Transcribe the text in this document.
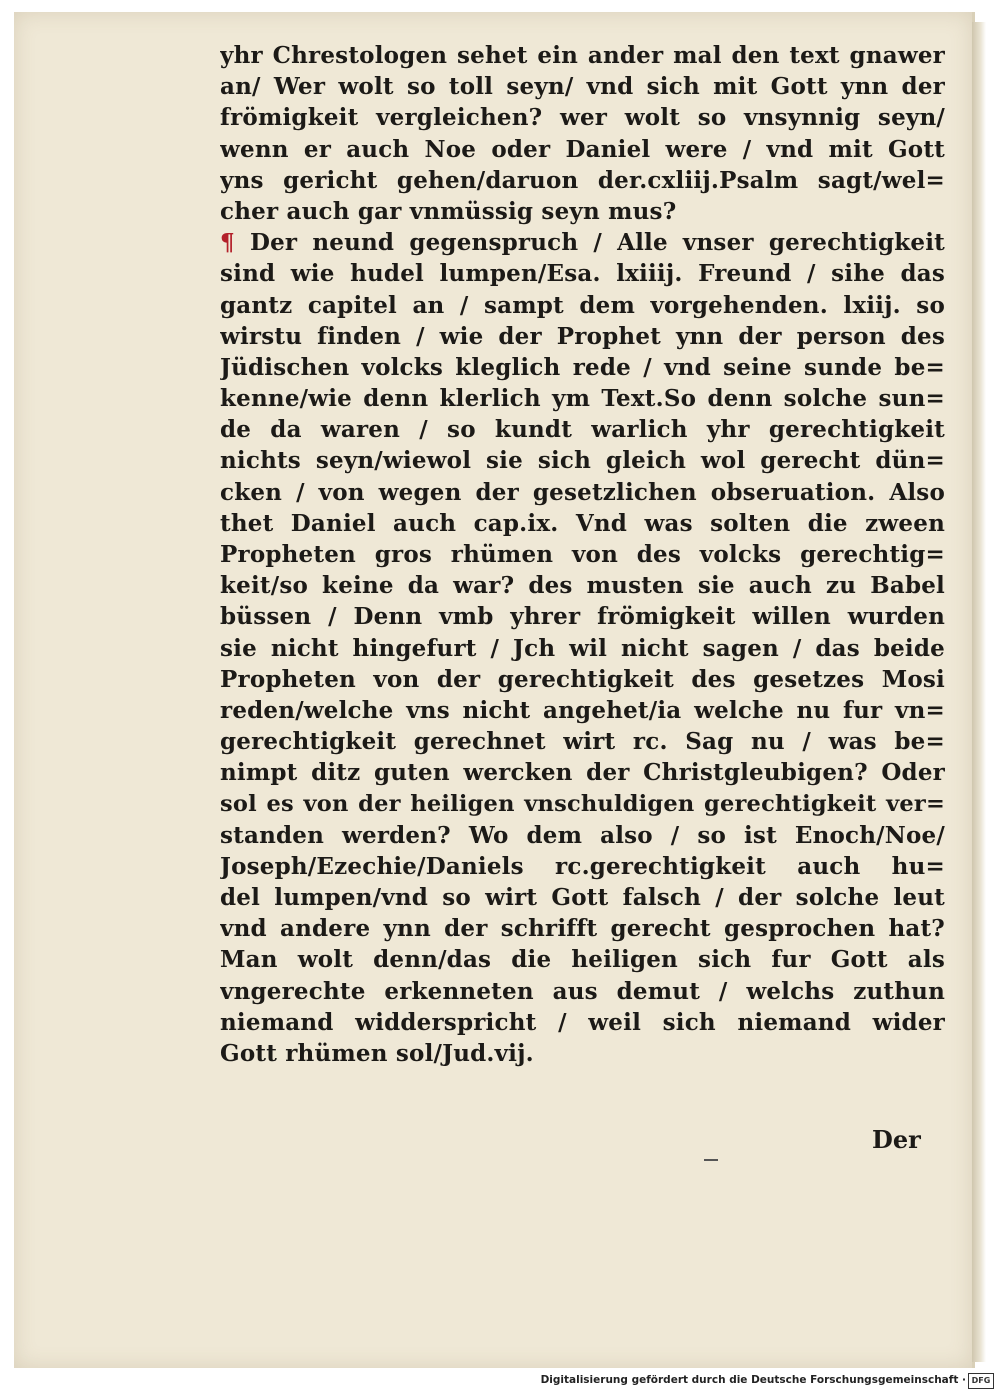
yhr Chrestologen sehet ein ander mal den text gnawer
an/ Wer wolt so toll seyn/ vnd sich mit Gott ynn der
frömigkeit vergleichen? wer wolt so vnsynnig seyn/
wenn er auch Noe oder Daniel were / vnd mit Gott
yns gericht gehen/daruon der.cxliij.Psalm sagt/wel=
cher auch gar vnmüssig seyn mus?
¶ Der neund gegenspruch / Alle vnser gerechtigkeit
sind wie hudel lumpen/Esa. lxiiij. Freund / sihe das
gantz capitel an / sampt dem vorgehenden. lxiij. so
wirstu finden / wie der Prophet ynn der person des
Jüdischen volcks kleglich rede / vnd seine sunde be=
kenne/wie denn klerlich ym Text.So denn solche sun=
de da waren / so kundt warlich yhr gerechtigkeit
nichts seyn/wiewol sie sich gleich wol gerecht dün=
cken / von wegen der gesetzlichen obseruation. Also
thet Daniel auch cap.ix. Vnd was solten die zween
Propheten gros rhümen von des volcks gerechtig=
keit/so keine da war? des musten sie auch zu Babel
büssen / Denn vmb yhrer frömigkeit willen wurden
sie nicht hingefurt / Jch wil nicht sagen / das beide
Propheten von der gerechtigkeit des gesetzes Mosi
reden/welche vns nicht angehet/ia welche nu fur vn=
gerechtigkeit gerechnet wirt rc. Sag nu / was be=
nimpt ditz guten wercken der Christgleubigen? Oder
sol es von der heiligen vnschuldigen gerechtigkeit ver=
standen werden? Wo dem also / so ist Enoch/Noe/
Joseph/Ezechie/Daniels rc.gerechtigkeit auch hu=
del lumpen/vnd so wirt Gott falsch / der solche leut
vnd andere ynn der schrifft gerecht gesprochen hat?
Man wolt denn/das die heiligen sich fur Gott als
vngerechte erkenneten aus demut / welchs zuthun
niemand widderspricht / weil sich niemand wider
Gott rhümen sol/Jud.vij.
Der
Digitalisierung gefördert durch die Deutsche Forschungsgemeinschaft · DFG
